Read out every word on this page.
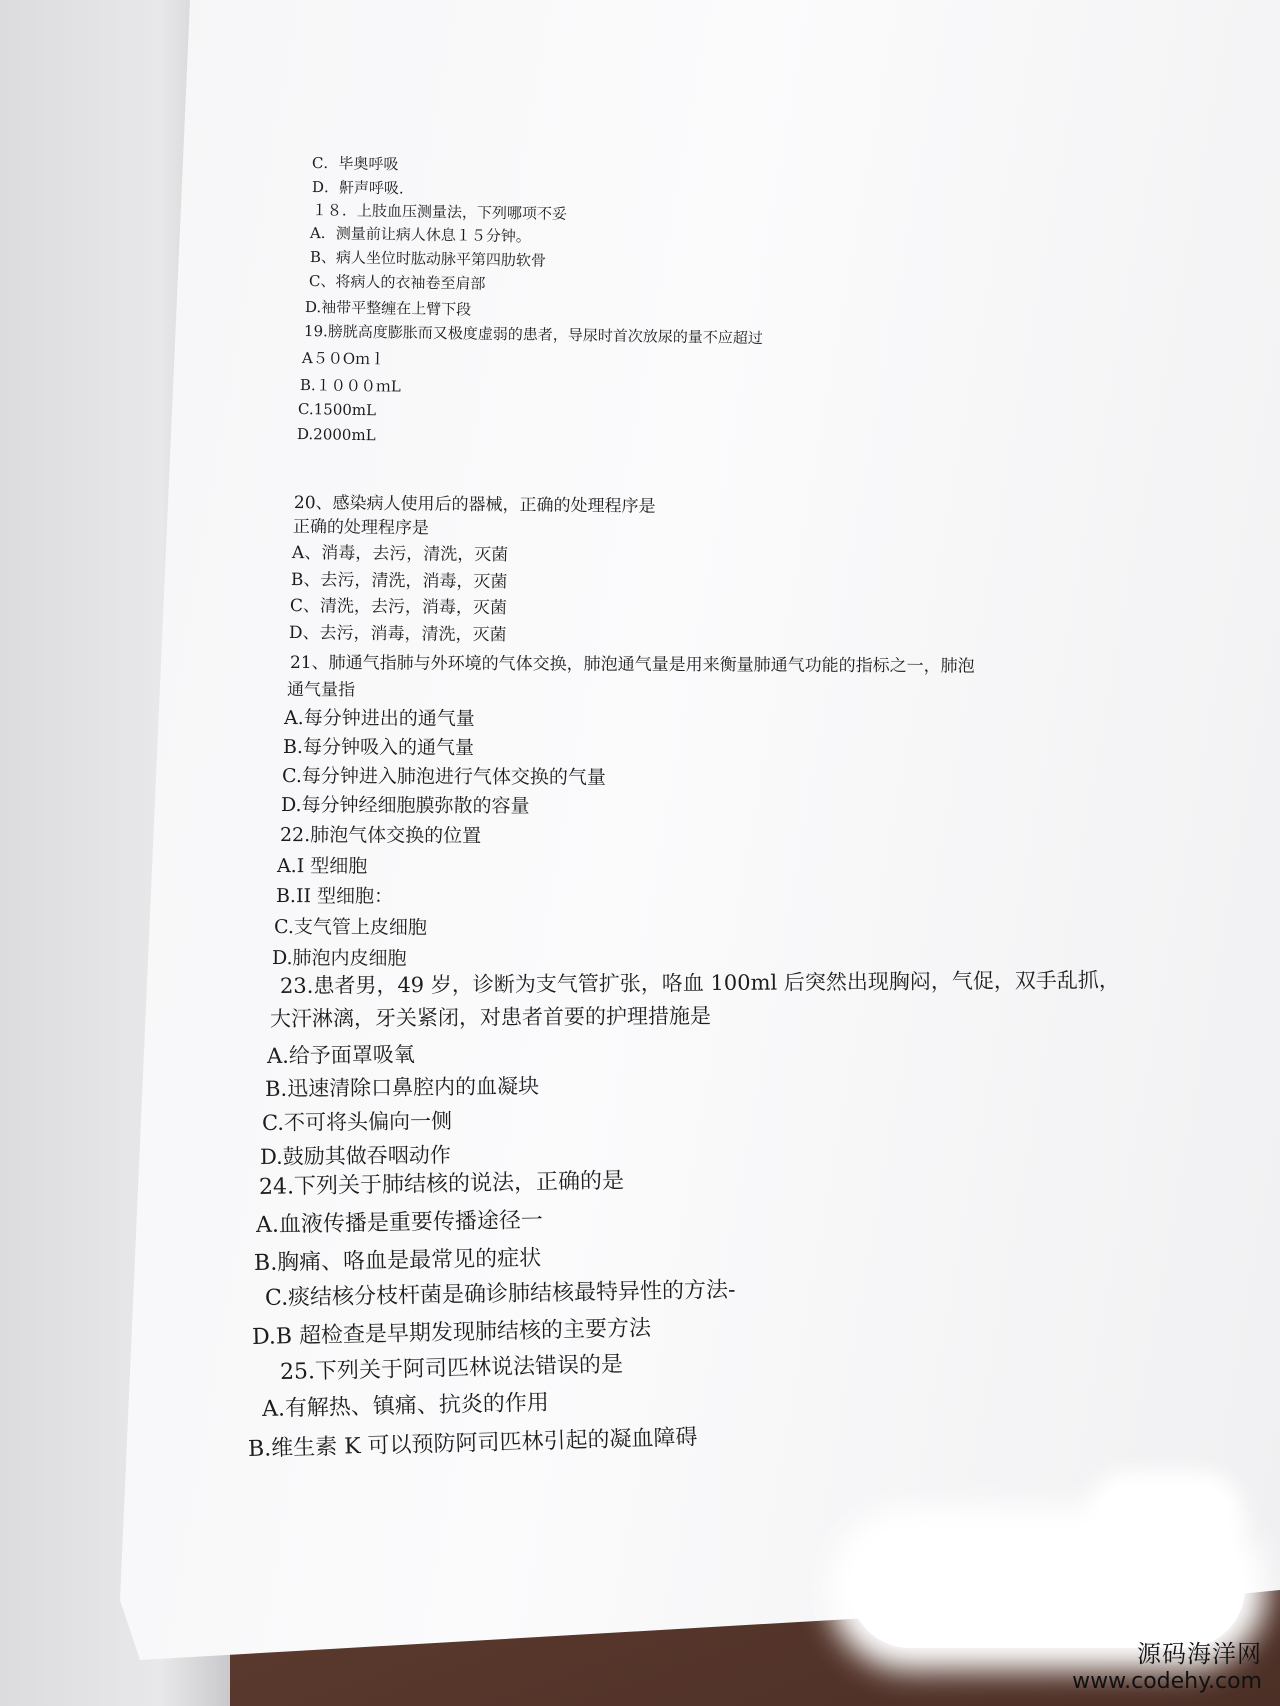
C．毕奥呼吸
D．鼾声呼吸.
１８．上肢血压测量法，下列哪项不妥
A．测量前让病人休息１５分钟。
B、病人坐位时肱动脉平第四肋软骨
C、将病人的衣袖卷至肩部
D.袖带平整缠在上臂下段
19.膀胱高度膨胀而又极度虚弱的患者，导尿时首次放尿的量不应超过
A５０Oｍｌ
B.１０００ｍL
C.1500mL
D.2000mL
20、感染病人使用后的器械，正确的处理程序是
正确的处理程序是
A、消毒，去污，清洗，灭菌
B、去污，清洗，消毒，灭菌
C、清洗，去污，消毒，灭菌
D、去污，消毒，清洗，灭菌
21、肺通气指肺与外环境的气体交换，肺泡通气量是用来衡量肺通气功能的指标之一，肺泡
通气量指
A.每分钟进出的通气量
B.每分钟吸入的通气量
C.每分钟进入肺泡进行气体交换的气量
D.每分钟经细胞膜弥散的容量
22.肺泡气体交换的位置
A.I 型细胞
B.II 型细胞：
C.支气管上皮细胞
D.肺泡内皮细胞
23.患者男，49 岁，诊断为支气管扩张，咯血 100ml 后突然出现胸闷，气促，双手乱抓，
大汗淋漓，牙关紧闭，对患者首要的护理措施是
A.给予面罩吸氧
B.迅速清除口鼻腔内的血凝块
C.不可将头偏向一侧
D.鼓励其做吞咽动作
24.下列关于肺结核的说法，正确的是
A.血液传播是重要传播途径一
B.胸痛、咯血是最常见的症状
C.痰结核分枝杆菌是确诊肺结核最特异性的方法-
D.B 超检查是早期发现肺结核的主要方法
25.下列关于阿司匹林说法错误的是
A.有解热、镇痛、抗炎的作用
B.维生素 K 可以预防阿司匹林引起的凝血障碍
源码海洋网
www.codehy.com
